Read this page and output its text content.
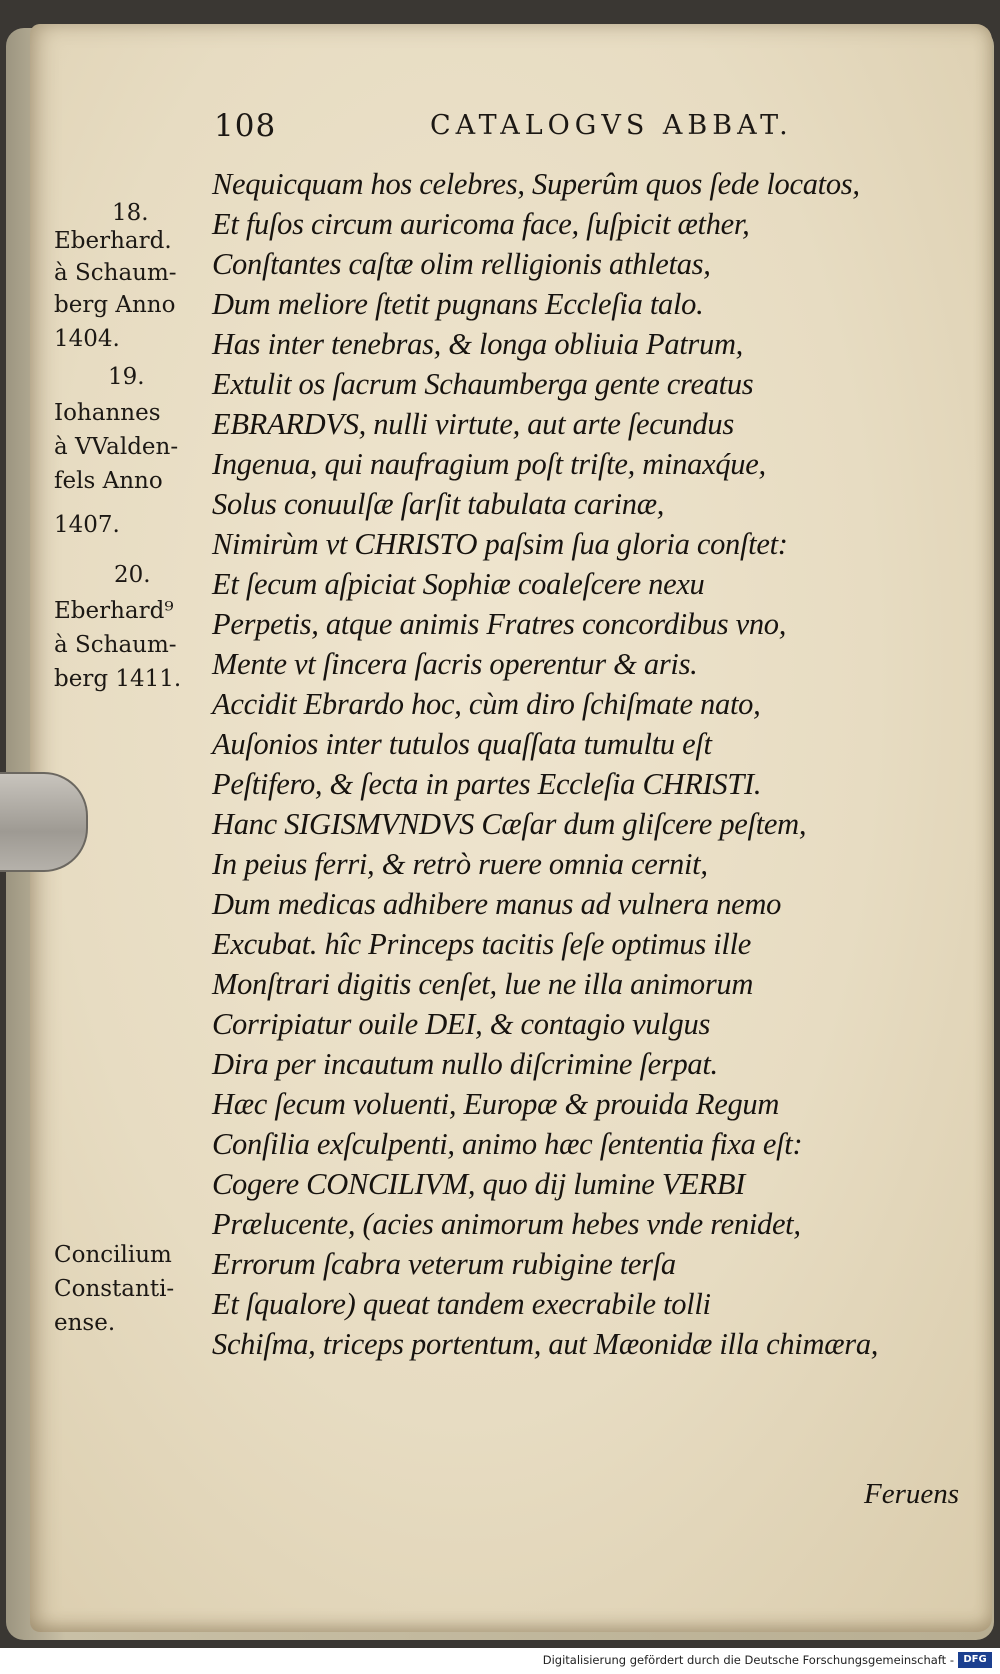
108	CATALOGVS ABBAT.
18.
Eberhard.
à Schaum-
berg Anno
1404.
19.
Iohannes
à VValden-
fels Anno
1407.
20.
Eberhard⁹
à Schaum-
berg 1411.
Concilium
Constanti-
ense.
Nequicquam hos celebres, Superûm quos ſede locatos,
Et fuſos circum auricoma face, ſuſpicit æther,
Conſtantes caſtæ olim relligionis athletas,
Dum meliore ſtetit pugnans Eccleſia talo.
Has inter tenebras, & longa obliuia Patrum,
Extulit os ſacrum Schaumberga gente creatus
EBRARDVS, nulli virtute, aut arte ſecundus
Ingenua, qui naufragium poſt triſte, minaxq́ue,
Solus conuulſæ ſarſit tabulata carinæ,
Nimirùm vt CHRISTO paſsim ſua gloria conſtet:
Et ſecum aſpiciat Sophiæ coaleſcere nexu
Perpetis, atque animis Fratres concordibus vno,
Mente vt ſincera ſacris operentur & aris.
Accidit Ebrardo hoc, cùm diro ſchiſmate nato,
Auſonios inter tutulos quaſſata tumultu eſt
Peſtifero, & ſecta in partes Eccleſia CHRISTI.
Hanc SIGISMVNDVS Cæſar dum gliſcere peſtem,
In peius ferri, & retrò ruere omnia cernit,
Dum medicas adhibere manus ad vulnera nemo
Excubat. hîc Princeps tacitis ſeſe optimus ille
Monſtrari digitis cenſet, lue ne illa animorum
Corripiatur ouile DEI, & contagio vulgus
Dira per incautum nullo diſcrimine ſerpat.
Hæc ſecum voluenti, Europæ & prouida Regum
Conſilia exſculpenti, animo hæc ſententia fixa eſt:
Cogere CONCILIVM, quo dij lumine VERBI
Prælucente, (acies animorum hebes vnde renidet,
Errorum ſcabra veterum rubigine terſa
Et ſqualore) queat tandem execrabile tolli
Schiſma, triceps portentum, aut Mæonidæ illa chimæra,
Feruens
Digitalisierung gefördert durch die Deutsche Forschungsgemeinschaft - DFG
